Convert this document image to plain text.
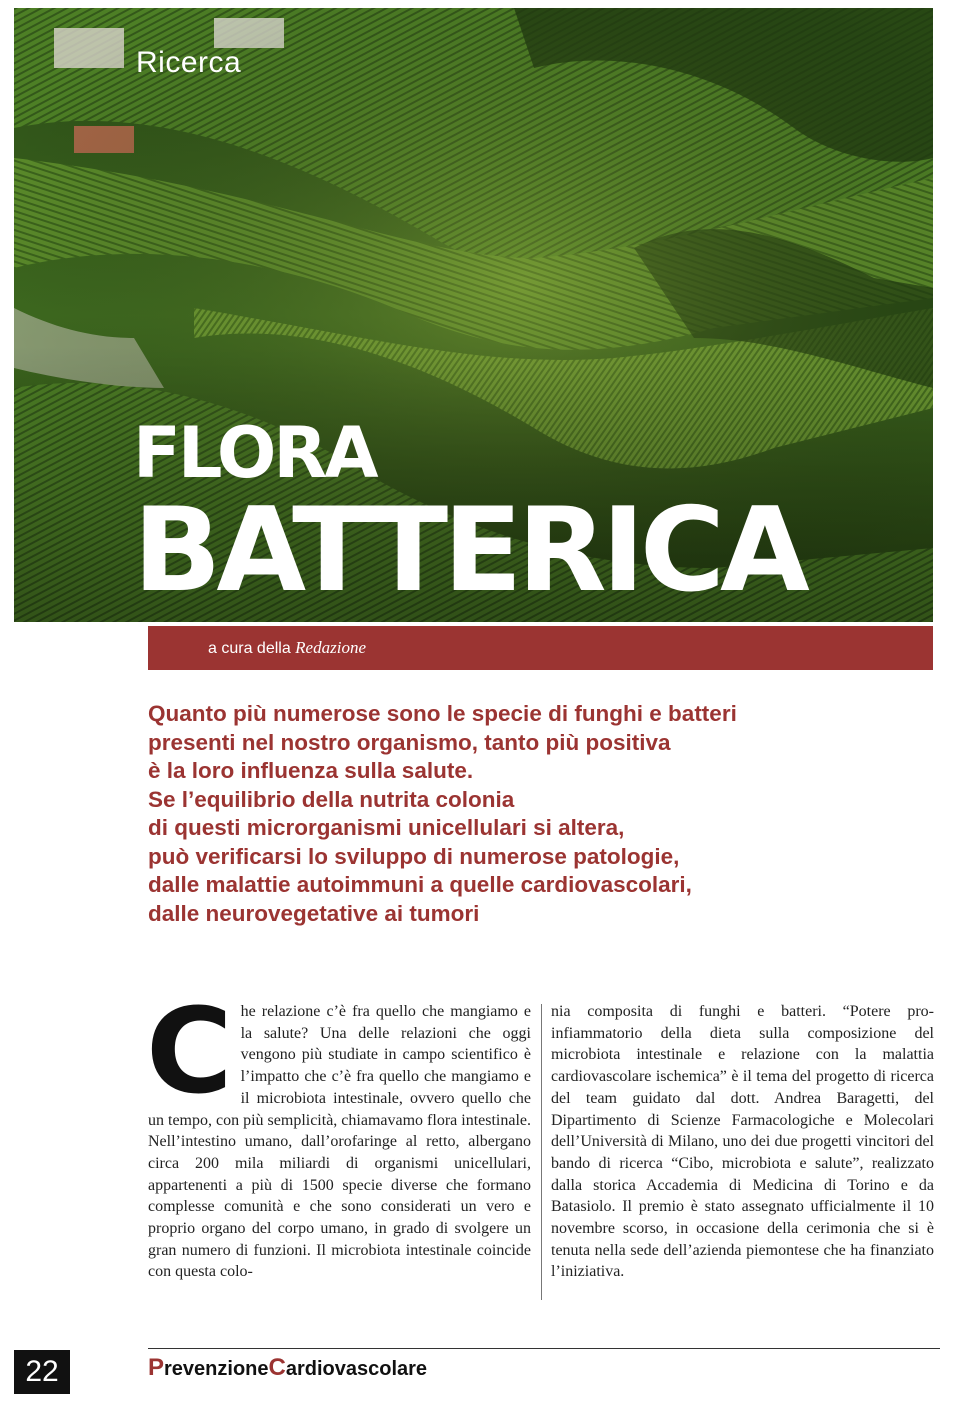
Ricerca
FLORA
BATTERICA
a cura della Redazione
Quanto più numerose sono le specie di funghi e batteri
presenti nel nostro organismo, tanto più positiva
è la loro influenza sulla salute.
Se l’equilibrio della nutrita colonia
di questi microrganismi unicellulari si altera,
può verificarsi lo sviluppo di numerose patologie,
dalle malattie autoimmuni a quelle cardiovascolari,
dalle neurovegetative ai tumori
Che relazione c’è fra quello che mangiamo e la salute? Una delle relazioni che oggi vengono più studiate in campo scientifico è l’impatto che c’è fra quello che mangiamo e il microbiota intestinale, ovvero quello che un tempo, con più semplicità, chiamavamo flora intestinale. Nell’intestino umano, dall’orofaringe al retto, albergano circa 200 mila miliardi di organismi unicellulari, appartenenti a più di 1500 specie diverse che formano complesse comunità e che sono considerati un vero e proprio organo del corpo umano, in grado di svolgere un gran numero di funzioni. Il microbiota intestinale coincide con questa colo-
nia composita di funghi e batteri. “Potere pro-infiammatorio della dieta sulla composizione del microbiota intestinale e relazione con la malattia cardiovascolare ischemica” è il tema del progetto di ricerca del team guidato dal dott. Andrea Baragetti, del Dipartimento di Scienze Farmacologiche e Molecolari dell’Università di Milano, uno dei due progetti vincitori del bando di ricerca “Cibo, microbiota e salute”, realizzato dalla storica Accademia di Medicina di Torino e da Batasiolo. Il premio è stato assegnato ufficialmente il 10 novembre scorso, in occasione della cerimonia che si è tenuta nella sede dell’azienda piemontese che ha finanziato l’iniziativa.
22	PrevenzioneCardiovascolare
